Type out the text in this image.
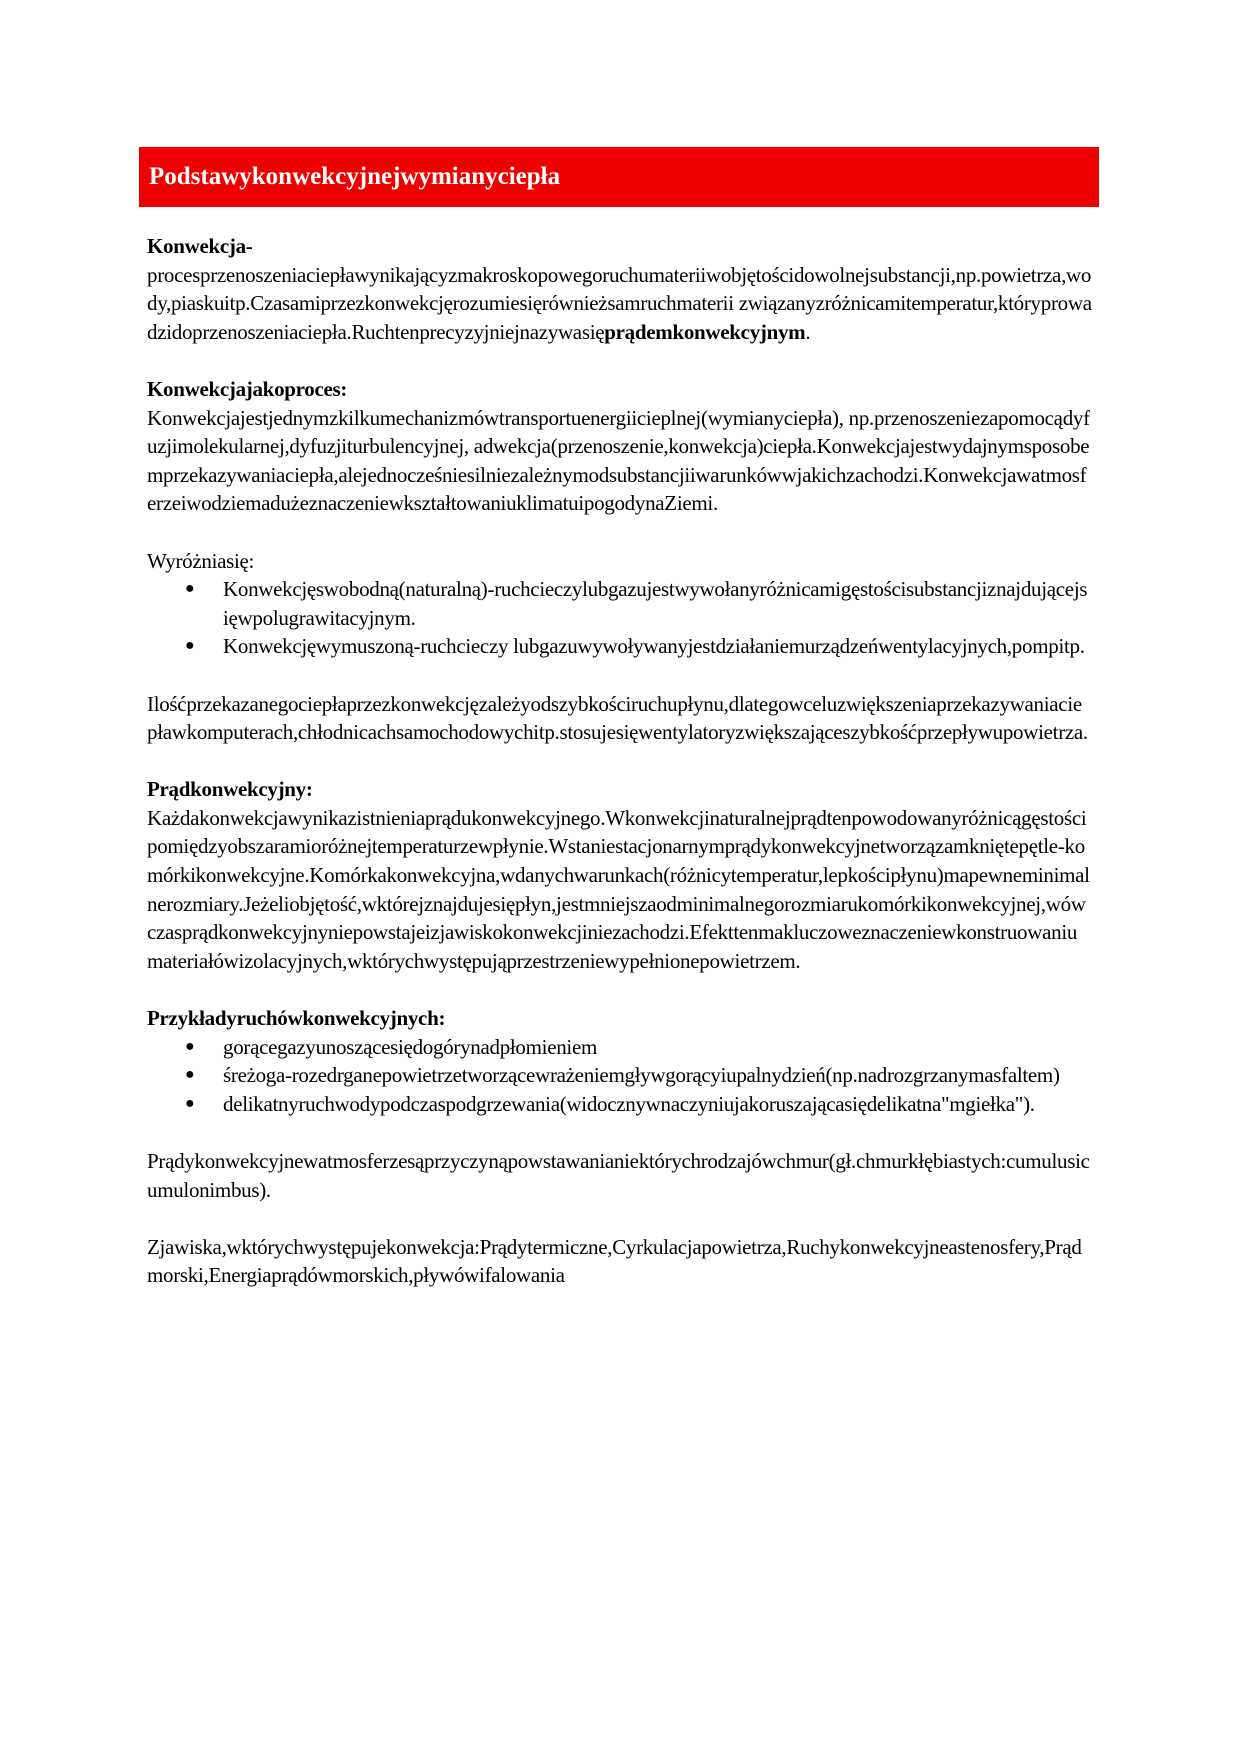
Podstawykonwekcyjnejwymianyciepła

Konwekcja-

procesprzenoszeniaciepławynikającyzmakroskopowegoruchumateriiwobjętościdowolnejsubstancji,np.powietrza,wody,piaskuitp.Czasamiprzezkonwekcjęrozumiesięrównieżsamruchmaterii związanyzróżnicamitemperatur,któryprowadzidoprzenoszeniaciepła.Ruchtenprecyzyjniejnazywasięprądemkonwekcyjnym.

Konwekcjajakoproces:

Konwekcjajestjednymzkilkumechanizmówtransportuenergiicieplnej(wymianyciepła), np.przenoszeniezapomocądyfuzjimolekularnej,dyfuzjiturbulencyjnej, adwekcja(przenoszenie,konwekcja)ciepła.Konwekcjajestwydajnymsposobemprzekazywaniaciepła,alejednocześniesilniezależnymodsubstancjiiwarunkówwjakichzachodzi.KonwekcjawatmosferzeiwodziemadużeznaczeniewkształtowaniuklimatuipogodynaZiemi.

Wyróżniasię:

● Konwekcjęswobodną(naturalną)-ruchcieczylubgazujestwywołanyróżnicamigęstościsubstancjiznajdującejsięwpolugrawitacyjnym.
● Konwekcjęwymuszoną-ruchcieczy lubgazuwywoływanyjestdziałaniemurządzeńwentylacyjnych,pompitp.

Ilośćprzekazanegociepłaprzezkonwekcjęzależyodszybkościruchupłynu,dlategowceluzwiększeniaprzekazywaniaciepławkomputerach,chłodnicachsamochodowychitp.stosujesięwentylatoryzwiększająceszybkośćprzepływupowietrza.

Prądkonwekcyjny:

Każdakonwekcjawynikazistnieniaprądukonwekcyjnego.Wkonwekcjinaturalnejprądtenpowodowanyróżnicągęstościpomiędzyobszaramioróżnejtemperaturzewpłynie.Wstaniestacjonarnymprądykonwekcyjnetworzązamkniętepętle-komórkikonwekcyjne.Komórkakonwekcyjna,wdanychwarunkach(różnicytemperatur,lepkościpłynu)mapewneminimalnerozmiary.Jeżeliobjętość,wktórejznajdujesiępłyn,jestmniejszaodminimalnegorozmiarukomórkikonwekcyjnej,wówczasprądkonwekcyjnyniepowstajeizjawiskokonwekcjiniezachodzi.Efekttenmakluczoweznaczeniewkonstruowaniumateriałówizolacyjnych,wktórychwystępująprzestrzeniewypełnionepowietrzem.

Przykładyruchówkonwekcyjnych:

● gorącegazyunoszącesiędogórynadpłomieniem
● śreżoga-rozedrganepowietrzetworzącewrażeniemgływgorącyiupalnydzień(np.nadrozgrzanymasfaltem)
● delikatnyruchwodypodczaspodgrzewania(widocznywnaczyniujakoruszającasiędelikatna"mgiełka").

Prądykonwekcyjnewatmosferzesąprzyczynąpowstawanianiektórychrodzajówchmur(gł.chmurkłębiastych:cumulusicumulonimbus).

Zjawiska,wktórychwystępujekonwekcja:Prądytermiczne,Cyrkulacjapowietrza,Ruchykonwekcyjneastenosfery,Prądmorski,Energiaprądówmorskich,pływówifalowania
